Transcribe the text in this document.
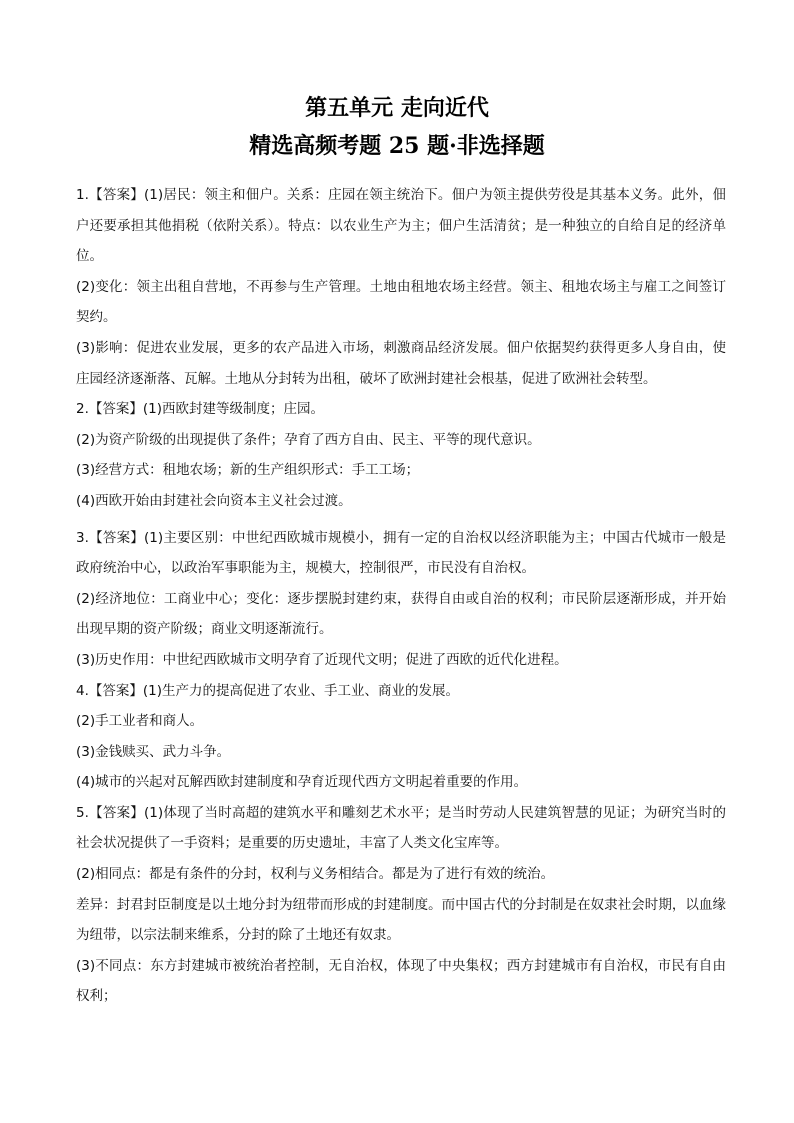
第五单元 走向近代
精选高频考题 25 题·非选择题

1.【答案】(1)居民：领主和佃户。关系：庄园在领主统治下。佃户为领主提供劳役是其基本义务。此外，佃户还要承担其他捐税（依附关系）。特点：以农业生产为主；佃户生活清贫；是一种独立的自给自足的经济单位。

(2)变化：领主出租自营地，不再参与生产管理。土地由租地农场主经营。领主、租地农场主与雇工之间签订契约。

(3)影响：促进农业发展，更多的农产品进入市场，刺激商品经济发展。佃户依据契约获得更多人身自由，使庄园经济逐渐落、瓦解。土地从分封转为出租，破坏了欧洲封建社会根基，促进了欧洲社会转型。

2.【答案】(1)西欧封建等级制度；庄园。

(2)为资产阶级的出现提供了条件；孕育了西方自由、民主、平等的现代意识。

(3)经营方式：租地农场；新的生产组织形式：手工工场；

(4)西欧开始由封建社会向资本主义社会过渡。

3.【答案】(1)主要区别：中世纪西欧城市规模小，拥有一定的自治权以经济职能为主；中国古代城市一般是政府统治中心，以政治军事职能为主，规模大，控制很严，市民没有自治权。

(2)经济地位：工商业中心；变化：逐步摆脱封建约束，获得自由或自治的权利；市民阶层逐渐形成，并开始出现早期的资产阶级；商业文明逐渐流行。

(3)历史作用：中世纪西欧城市文明孕育了近现代文明；促进了西欧的近代化进程。

4.【答案】(1)生产力的提高促进了农业、手工业、商业的发展。

(2)手工业者和商人。

(3)金钱赎买、武力斗争。

(4)城市的兴起对瓦解西欧封建制度和孕育近现代西方文明起着重要的作用。

5.【答案】(1)体现了当时高超的建筑水平和雕刻艺术水平；是当时劳动人民建筑智慧的见证；为研究当时的社会状况提供了一手资料；是重要的历史遗址，丰富了人类文化宝库等。

(2)相同点：都是有条件的分封，权利与义务相结合。都是为了进行有效的统治。

差异：封君封臣制度是以土地分封为纽带而形成的封建制度。而中国古代的分封制是在奴隶社会时期，以血缘为纽带，以宗法制来维系，分封的除了土地还有奴隶。

(3)不同点：东方封建城市被统治者控制，无自治权，体现了中央集权；西方封建城市有自治权，市民有自由权利；
